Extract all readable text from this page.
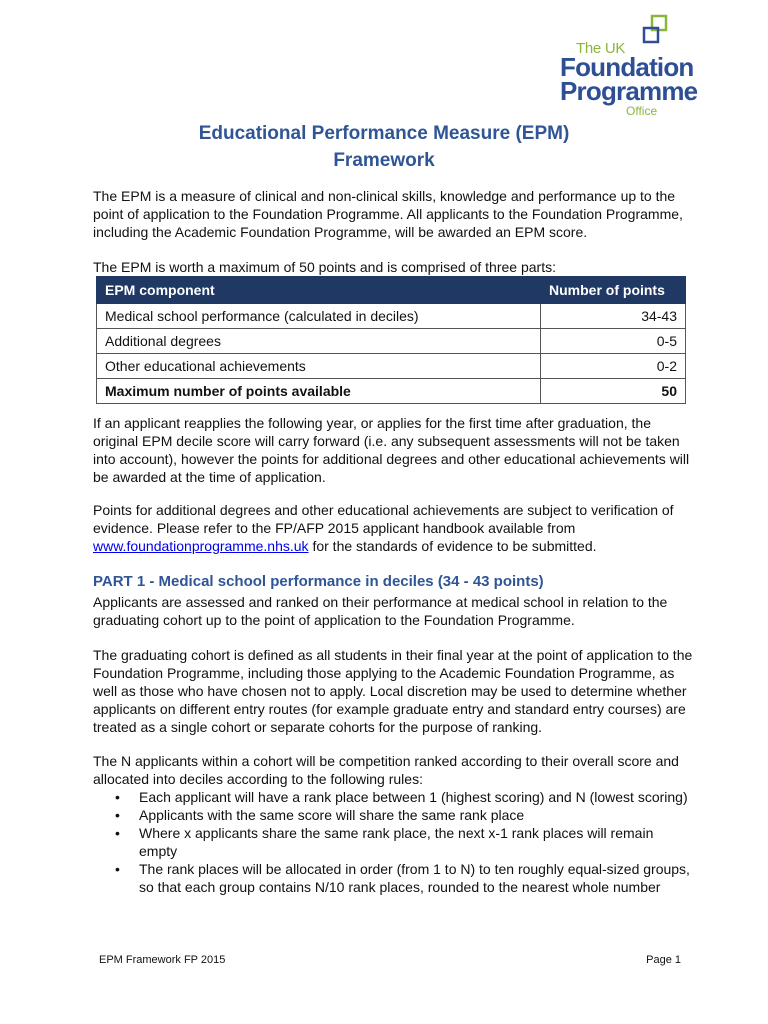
The UK
Foundation
Programme
Office
Educational Performance Measure (EPM)
Framework

The EPM is a measure of clinical and non-clinical skills, knowledge and performance up to the point of application to the Foundation Programme. All applicants to the Foundation Programme, including the Academic Foundation Programme, will be awarded an EPM score.

The EPM is worth a maximum of 50 points and is comprised of three parts:

EPM component	Number of points
Medical school performance (calculated in deciles)	34-43
Additional degrees	0-5
Other educational achievements	0-2
Maximum number of points available	50

If an applicant reapplies the following year, or applies for the first time after graduation, the original EPM decile score will carry forward (i.e. any subsequent assessments will not be taken into account), however the points for additional degrees and other educational achievements will be awarded at the time of application.

Points for additional degrees and other educational achievements are subject to verification of evidence. Please refer to the FP/AFP 2015 applicant handbook available from
www.foundationprogramme.nhs.uk for the standards of evidence to be submitted.

PART 1 - Medical school performance in deciles (34 - 43 points)

Applicants are assessed and ranked on their performance at medical school in relation to the graduating cohort up to the point of application to the Foundation Programme.

The graduating cohort is defined as all students in their final year at the point of application to the Foundation Programme, including those applying to the Academic Foundation Programme, as well as those who have chosen not to apply. Local discretion may be used to determine whether applicants on different entry routes (for example graduate entry and standard entry courses) are treated as a single cohort or separate cohorts for the purpose of ranking.

The N applicants within a cohort will be competition ranked according to their overall score and allocated into deciles according to the following rules:

• Each applicant will have a rank place between 1 (highest scoring) and N (lowest scoring)
• Applicants with the same score will share the same rank place
• Where x applicants share the same rank place, the next x-1 rank places will remain empty
• The rank places will be allocated in order (from 1 to N) to ten roughly equal-sized groups, so that each group contains N/10 rank places, rounded to the nearest whole number
EPM Framework FP 2015	Page 1
